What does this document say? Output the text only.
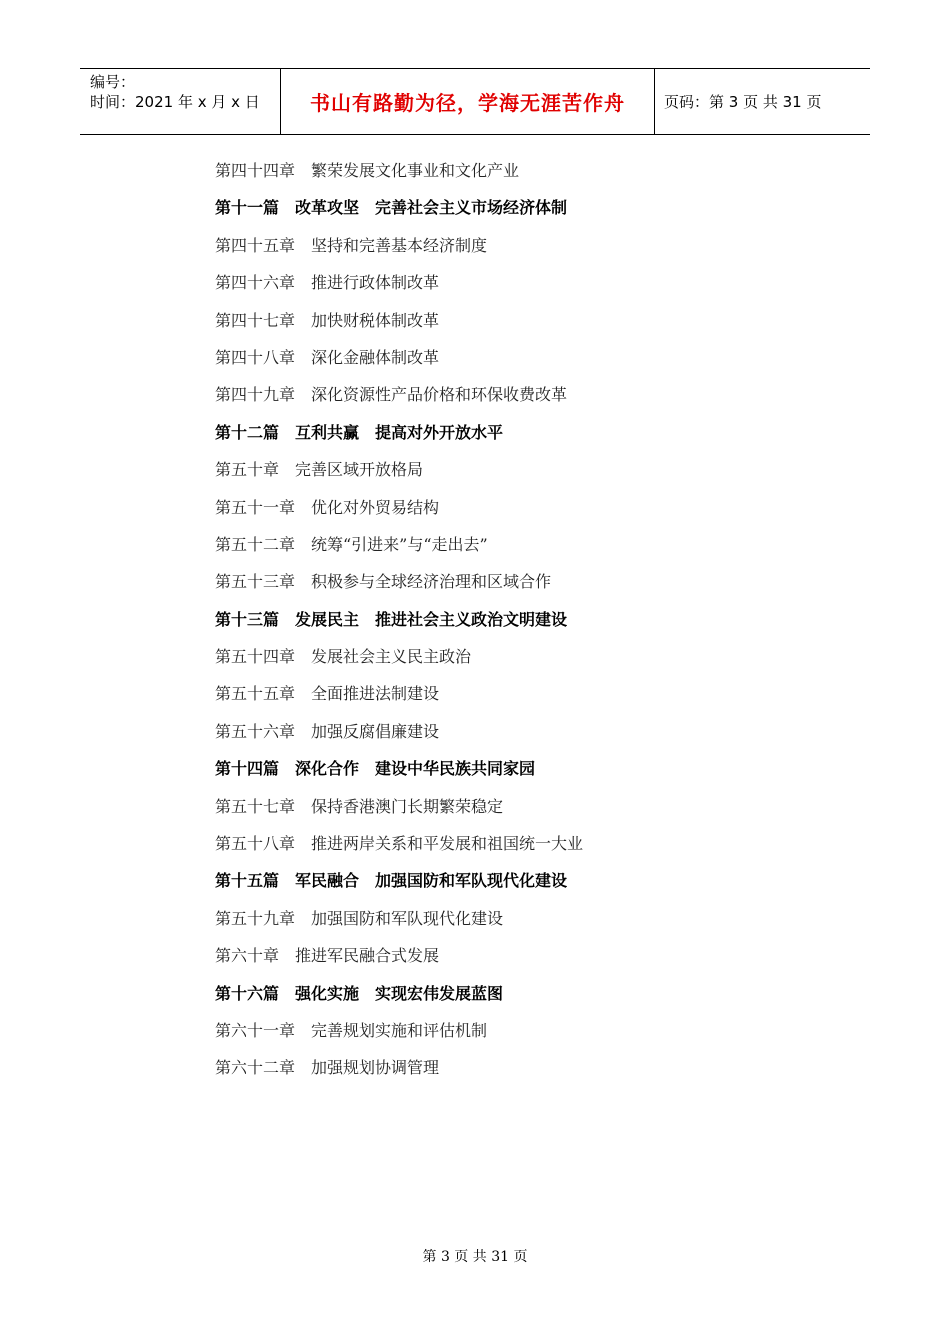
编号：
时间：2021 年 x 月 x 日	书山有路勤为径，学海无涯苦作舟	页码：第 3 页 共 31 页
第四十四章　繁荣发展文化事业和文化产业
第十一篇　改革攻坚　完善社会主义市场经济体制
第四十五章　坚持和完善基本经济制度
第四十六章　推进行政体制改革
第四十七章　加快财税体制改革
第四十八章　深化金融体制改革
第四十九章　深化资源性产品价格和环保收费改革
第十二篇　互利共赢　提高对外开放水平
第五十章　完善区域开放格局
第五十一章　优化对外贸易结构
第五十二章　统筹“引进来”与“走出去”
第五十三章　积极参与全球经济治理和区域合作
第十三篇　发展民主　推进社会主义政治文明建设
第五十四章　发展社会主义民主政治
第五十五章　全面推进法制建设
第五十六章　加强反腐倡廉建设
第十四篇　深化合作　建设中华民族共同家园
第五十七章　保持香港澳门长期繁荣稳定
第五十八章　推进两岸关系和平发展和祖国统一大业
第十五篇　军民融合　加强国防和军队现代化建设
第五十九章　加强国防和军队现代化建设
第六十章　推进军民融合式发展
第十六篇　强化实施　实现宏伟发展蓝图
第六十一章　完善规划实施和评估机制
第六十二章　加强规划协调管理
第 3 页 共 31 页
